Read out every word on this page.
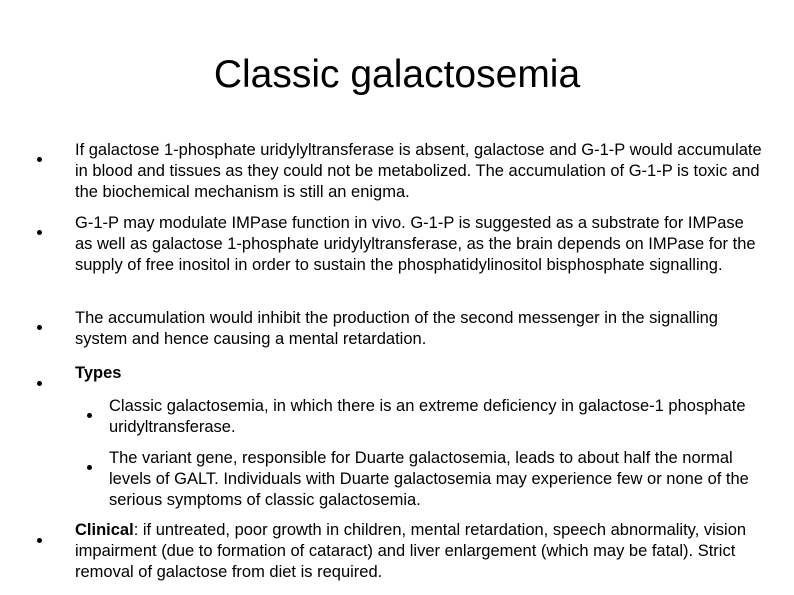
Classic galactosemia
If galactose 1-phosphate uridylyltransferase is absent, galactose and G-1-P would accumulate in blood and tissues as they could not be metabolized. The accumulation of G-1-P is toxic and the biochemical mechanism is still an enigma.
G-1-P may modulate IMPase function in vivo. G-1-P is suggested as a substrate for IMPase as well as galactose 1-phosphate uridylyltransferase, as the brain depends on IMPase for the supply of free inositol in order to sustain the phosphatidylinositol bisphosphate signalling.
The accumulation would inhibit the production of the second messenger in the signalling system and hence causing a mental retardation.
Types
Classic galactosemia, in which there is an extreme deficiency in galactose-1 phosphate uridyltransferase.
The variant gene, responsible for Duarte galactosemia, leads to about half the normal levels of GALT. Individuals with Duarte galactosemia may experience few or none of the serious symptoms of classic galactosemia.
Clinical: if untreated, poor growth in children, mental retardation, speech abnormality, vision impairment (due to formation of cataract) and liver enlargement (which may be fatal). Strict removal of galactose from diet is required.
